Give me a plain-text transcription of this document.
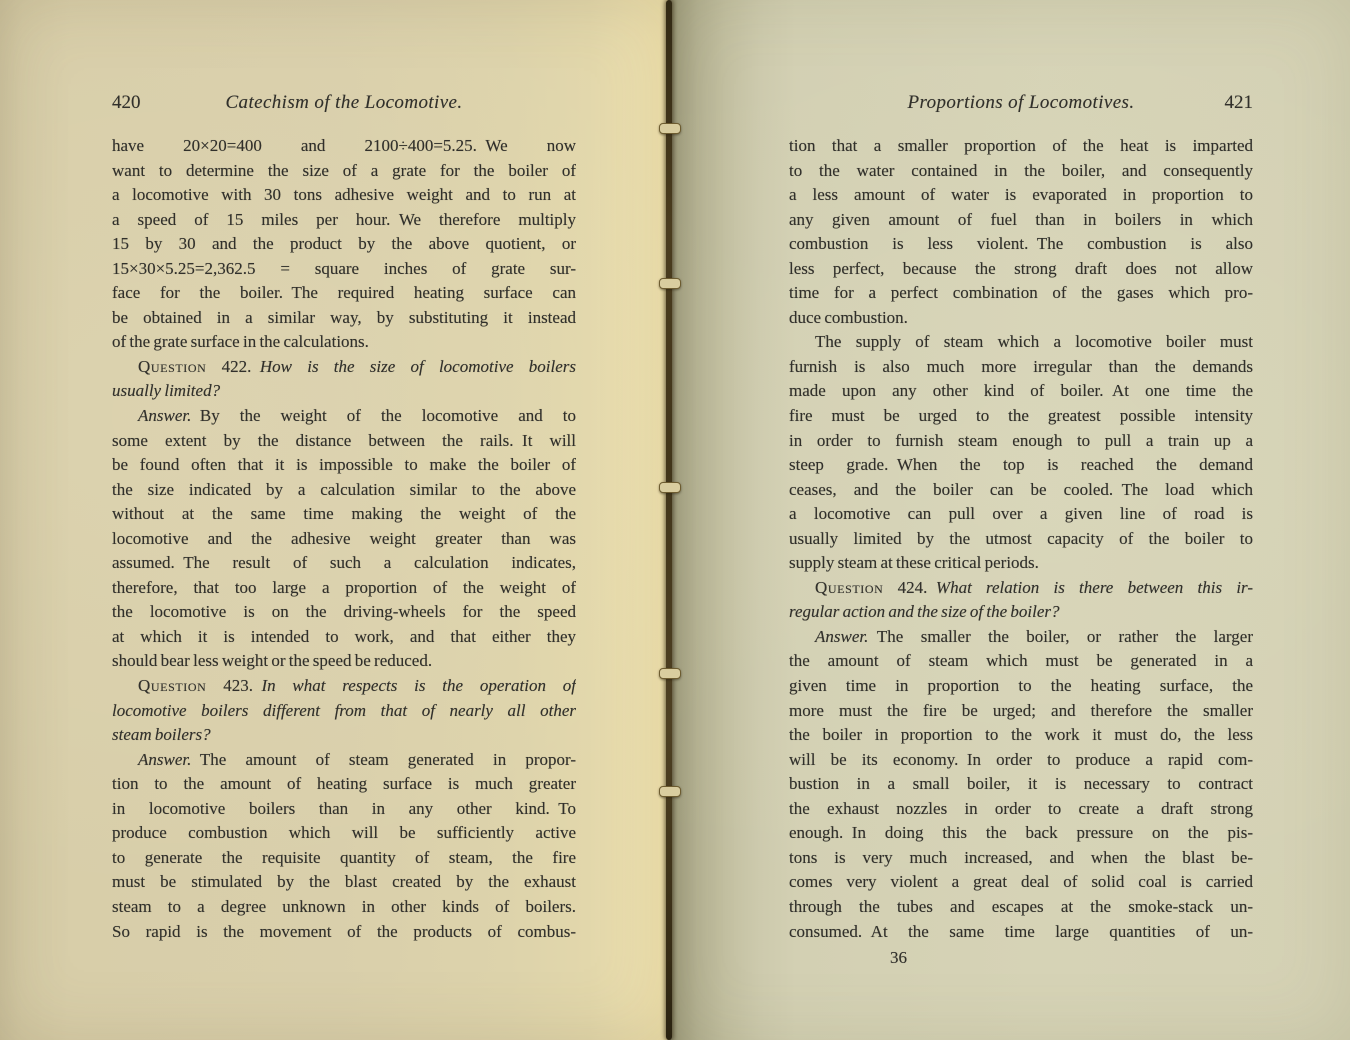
420	Catechism of the Locomotive.
have 20×20=400 and 2100÷400=5.25. We now
want to determine the size of a grate for the boiler of
a locomotive with 30 tons adhesive weight and to run at
a speed of 15 miles per hour. We therefore multiply
15 by 30 and the product by the above quotient, or
15×30×5.25=2,362.5 = square inches of grate sur-
face for the boiler. The required heating surface can
be obtained in a similar way, by substituting it instead
of the grate surface in the calculations.
Question 422. How is the size of locomotive boilers
usually limited?
Answer. By the weight of the locomotive and to
some extent by the distance between the rails. It will
be found often that it is impossible to make the boiler of
the size indicated by a calculation similar to the above
without at the same time making the weight of the
locomotive and the adhesive weight greater than was
assumed. The result of such a calculation indicates,
therefore, that too large a proportion of the weight of
the locomotive is on the driving-wheels for the speed
at which it is intended to work, and that either they
should bear less weight or the speed be reduced.
Question 423. In what respects is the operation of
locomotive boilers different from that of nearly all other
steam boilers?
Answer. The amount of steam generated in propor-
tion to the amount of heating surface is much greater
in locomotive boilers than in any other kind. To
produce combustion which will be sufficiently active
to generate the requisite quantity of steam, the fire
must be stimulated by the blast created by the exhaust
steam to a degree unknown in other kinds of boilers.
So rapid is the movement of the products of combus-
Proportions of Locomotives.	421
tion that a smaller proportion of the heat is imparted
to the water contained in the boiler, and consequently
a less amount of water is evaporated in proportion to
any given amount of fuel than in boilers in which
combustion is less violent. The combustion is also
less perfect, because the strong draft does not allow
time for a perfect combination of the gases which pro-
duce combustion.
The supply of steam which a locomotive boiler must
furnish is also much more irregular than the demands
made upon any other kind of boiler. At one time the
fire must be urged to the greatest possible intensity
in order to furnish steam enough to pull a train up a
steep grade. When the top is reached the demand
ceases, and the boiler can be cooled. The load which
a locomotive can pull over a given line of road is
usually limited by the utmost capacity of the boiler to
supply steam at these critical periods.
Question 424. What relation is there between this ir-
regular action and the size of the boiler?
Answer. The smaller the boiler, or rather the larger
the amount of steam which must be generated in a
given time in proportion to the heating surface, the
more must the fire be urged; and therefore the smaller
the boiler in proportion to the work it must do, the less
will be its economy. In order to produce a rapid com-
bustion in a small boiler, it is necessary to contract
the exhaust nozzles in order to create a draft strong
enough. In doing this the back pressure on the pis-
tons is very much increased, and when the blast be-
comes very violent a great deal of solid coal is carried
through the tubes and escapes at the smoke-stack un-
consumed. At the same time large quantities of un-
36
